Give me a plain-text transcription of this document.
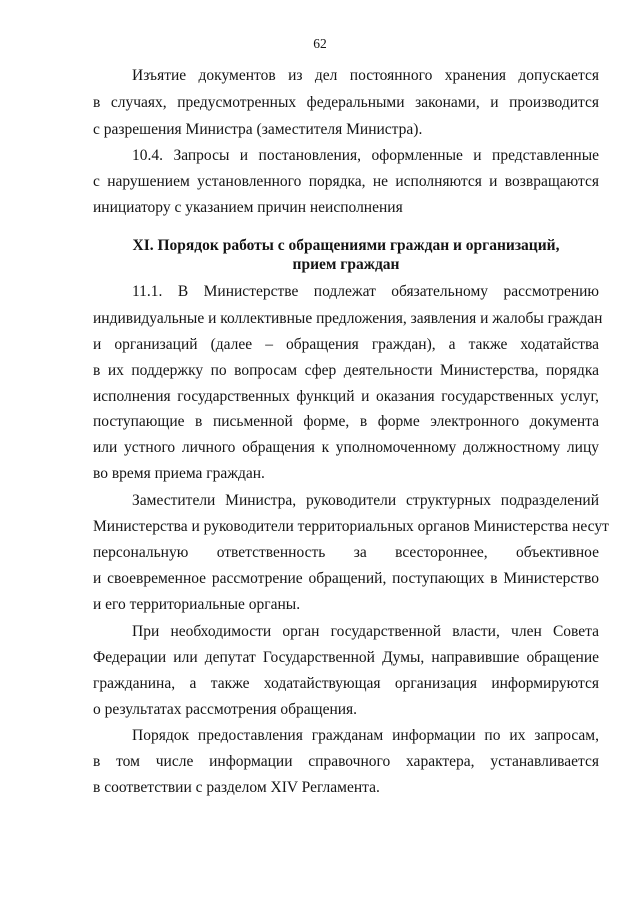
62
Изъятие документов из дел постоянного хранения допускается
в случаях, предусмотренных федеральными законами, и производится
с разрешения Министра (заместителя Министра).
10.4. Запросы и постановления, оформленные и представленные
с нарушением установленного порядка, не исполняются и возвращаются
инициатору с указанием причин неисполнения
XI. Порядок работы с обращениями граждан и организаций,
прием граждан
11.1. В Министерстве подлежат обязательному рассмотрению
индивидуальные и коллективные предложения, заявления и жалобы граждан
и организаций (далее – обращения граждан), а также ходатайства
в их поддержку по вопросам сфер деятельности Министерства, порядка
исполнения государственных функций и оказания государственных услуг,
поступающие в письменной форме, в форме электронного документа
или устного личного обращения к уполномоченному должностному лицу
во время приема граждан.
Заместители Министра, руководители структурных подразделений
Министерства и руководители территориальных органов Министерства несут
персональную ответственность за всестороннее, объективное
и своевременное рассмотрение обращений, поступающих в Министерство
и его территориальные органы.
При необходимости орган государственной власти, член Совета
Федерации или депутат Государственной Думы, направившие обращение
гражданина, а также ходатайствующая организация информируются
о результатах рассмотрения обращения.
Порядок предоставления гражданам информации по их запросам,
в том числе информации справочного характера, устанавливается
в соответствии с разделом XIV Регламента.
